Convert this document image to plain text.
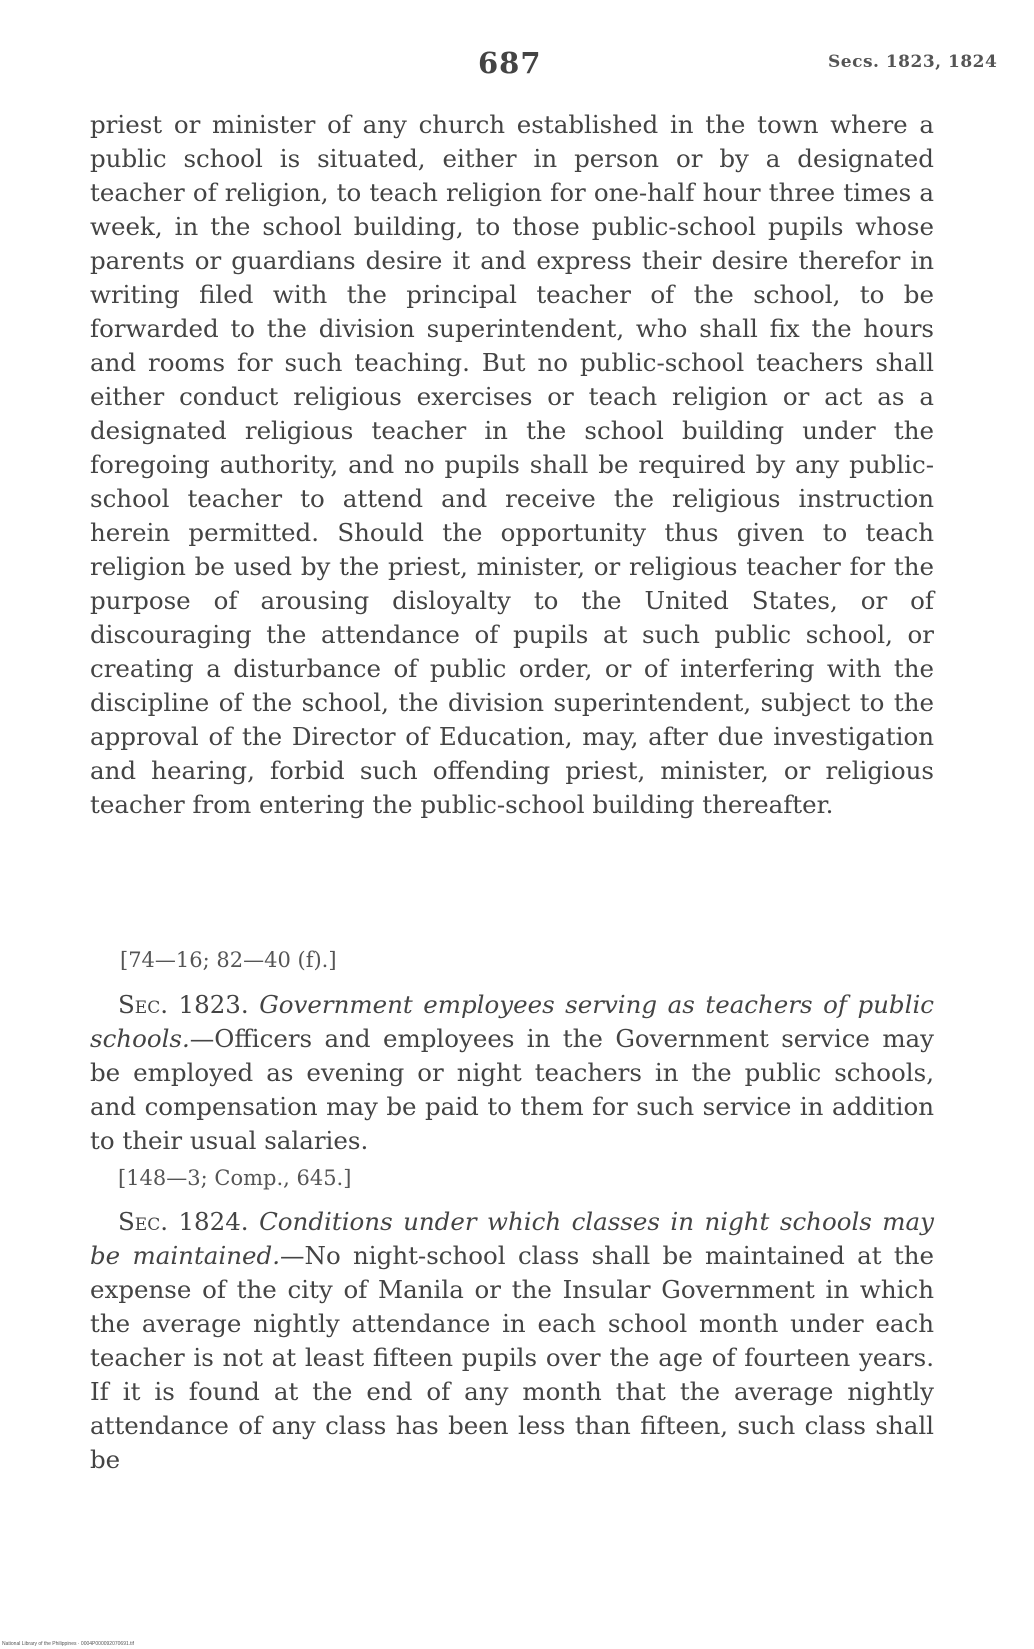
687	Secs. 1823, 1824
priest or minister of any church established in the town where a public school is situated, either in person or by a designated teacher of religion, to teach religion for one-half hour three times a week, in the school building, to those public-school pupils whose parents or guardians desire it and express their desire therefor in writing filed with the principal teacher of the school, to be forwarded to the division superintendent, who shall fix the hours and rooms for such teaching. But no public-school teachers shall either conduct religious exercises or teach religion or act as a designated religious teacher in the school building under the foregoing authority, and no pupils shall be required by any public-school teacher to attend and receive the religious instruction herein permitted. Should the opportunity thus given to teach religion be used by the priest, minister, or religious teacher for the purpose of arousing disloyalty to the United States, or of discouraging the attendance of pupils at such public school, or creating a disturbance of public order, or of interfering with the discipline of the school, the division superintendent, subject to the approval of the Director of Education, may, after due investigation and hearing, forbid such offending priest, minister, or religious teacher from entering the public-school building thereafter.
[74—16; 82—40 (f).]
Sec. 1823. Government employees serving as teachers of public schools.—Officers and employees in the Government service may be employed as evening or night teachers in the public schools, and compensation may be paid to them for such service in addition to their usual salaries.
[148—3; Comp., 645.]
Sec. 1824. Conditions under which classes in night schools may be maintained.—No night-school class shall be maintained at the expense of the city of Manila or the Insular Government in which the average nightly attendance in each school month under each teacher is not at least fifteen pupils over the age of fourteen years. If it is found at the end of any month that the average nightly attendance of any class has been less than fifteen, such class shall be
National Library of the Philippines · 0004P000092070691.tif
